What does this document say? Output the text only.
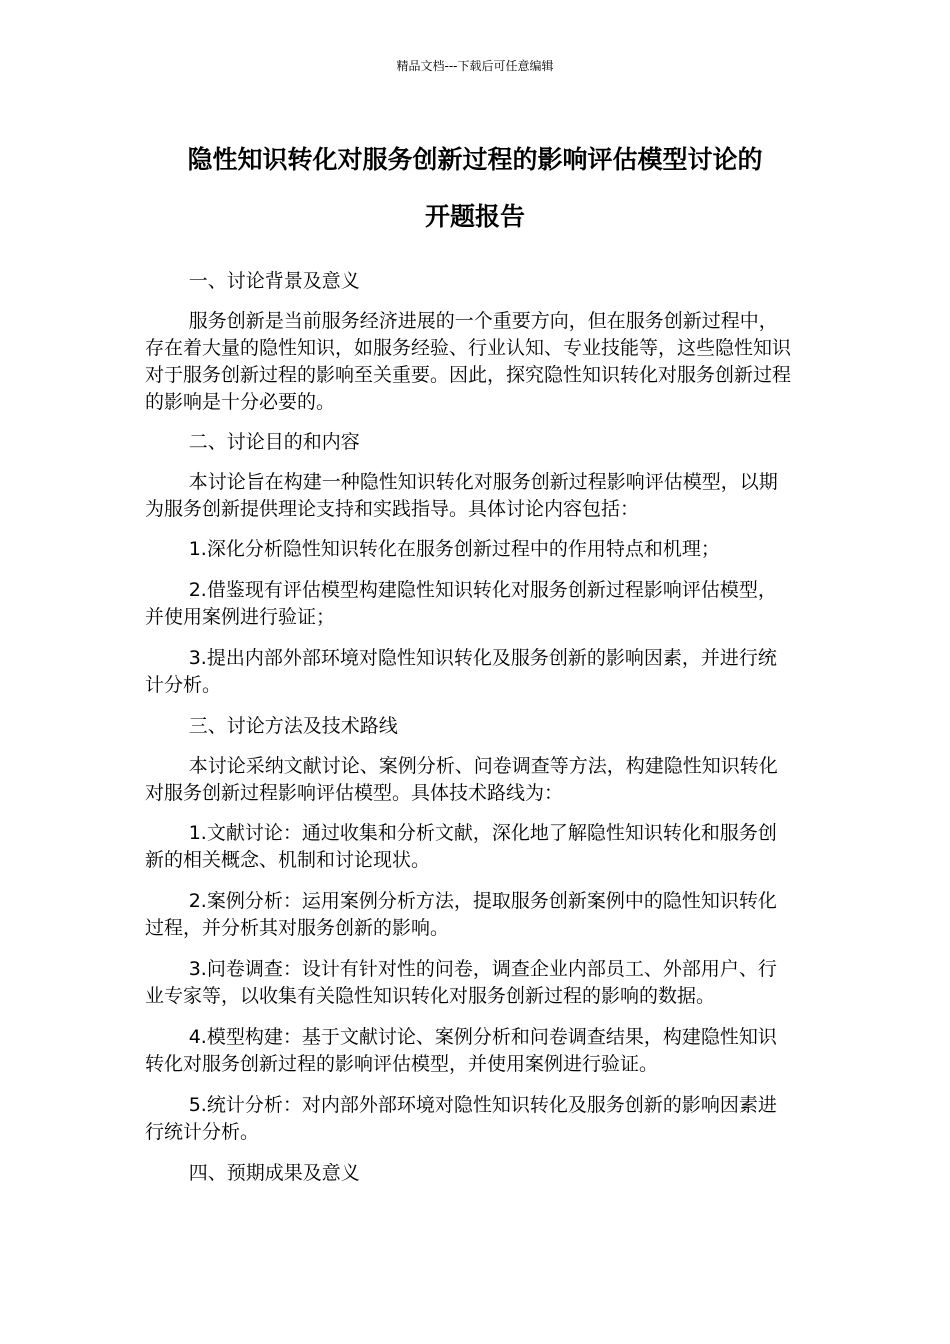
精品文档---下载后可任意编辑
隐性知识转化对服务创新过程的影响评估模型讨论的
开题报告

一、讨论背景及意义

服务创新是当前服务经济进展的一个重要方向，但在服务创新过程中，存在着大量的隐性知识，如服务经验、行业认知、专业技能等，这些隐性知识对于服务创新过程的影响至关重要。因此，探究隐性知识转化对服务创新过程的影响是十分必要的。

二、讨论目的和内容

本讨论旨在构建一种隐性知识转化对服务创新过程影响评估模型，以期为服务创新提供理论支持和实践指导。具体讨论内容包括：

1.深化分析隐性知识转化在服务创新过程中的作用特点和机理；

2.借鉴现有评估模型构建隐性知识转化对服务创新过程影响评估模型，并使用案例进行验证；

3.提出内部外部环境对隐性知识转化及服务创新的影响因素，并进行统计分析。

三、讨论方法及技术路线

本讨论采纳文献讨论、案例分析、问卷调查等方法，构建隐性知识转化对服务创新过程影响评估模型。具体技术路线为：

1.文献讨论：通过收集和分析文献，深化地了解隐性知识转化和服务创新的相关概念、机制和讨论现状。

2.案例分析：运用案例分析方法，提取服务创新案例中的隐性知识转化过程，并分析其对服务创新的影响。

3.问卷调查：设计有针对性的问卷，调查企业内部员工、外部用户、行业专家等，以收集有关隐性知识转化对服务创新过程的影响的数据。

4.模型构建：基于文献讨论、案例分析和问卷调查结果，构建隐性知识转化对服务创新过程的影响评估模型，并使用案例进行验证。

5.统计分析：对内部外部环境对隐性知识转化及服务创新的影响因素进行统计分析。

四、预期成果及意义
